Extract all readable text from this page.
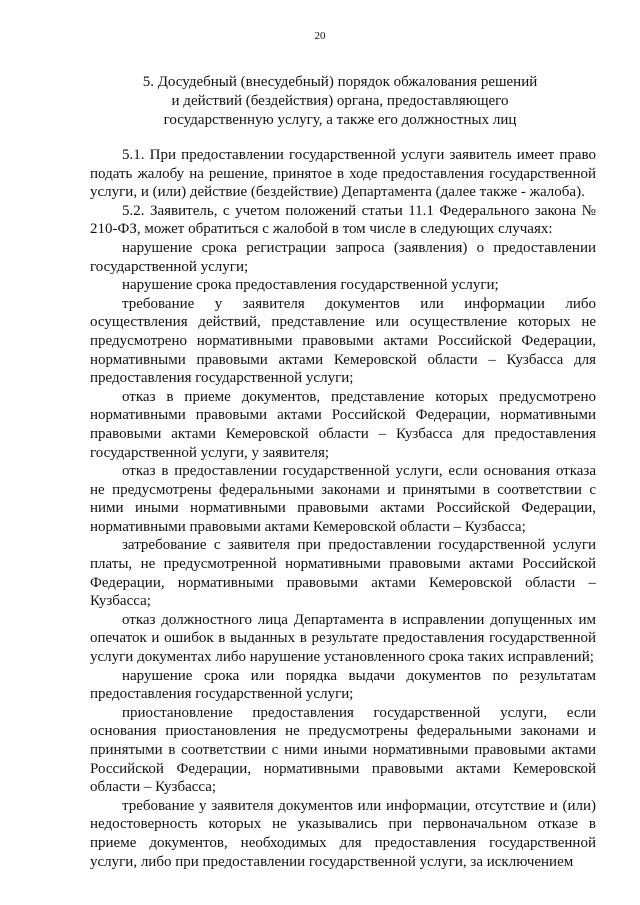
20
5. Досудебный (внесудебный) порядок обжалования решений
и действий (бездействия) органа, предоставляющего
государственную услугу, а также его должностных лиц

5.1. При предоставлении государственной услуги заявитель имеет право подать жалобу на решение, принятое в ходе предоставления государственной услуги, и (или) действие (бездействие) Департамента (далее также - жалоба).

5.2. Заявитель, с учетом положений статьи 11.1 Федерального закона № 210-ФЗ, может обратиться с жалобой в том числе в следующих случаях:

нарушение срока регистрации запроса (заявления) о предоставлении государственной услуги;

нарушение срока предоставления государственной услуги;

требование у заявителя документов или информации либо осуществления действий, представление или осуществление которых не предусмотрено нормативными правовыми актами Российской Федерации, нормативными правовыми актами Кемеровской области – Кузбасса для предоставления государственной услуги;

отказ в приеме документов, представление которых предусмотрено нормативными правовыми актами Российской Федерации, нормативными правовыми актами Кемеровской области – Кузбасса для предоставления государственной услуги, у заявителя;

отказ в предоставлении государственной услуги, если основания отказа не предусмотрены федеральными законами и принятыми в соответствии с ними иными нормативными правовыми актами Российской Федерации, нормативными правовыми актами Кемеровской области – Кузбасса;

затребование с заявителя при предоставлении государственной услуги платы, не предусмотренной нормативными правовыми актами Российской Федерации, нормативными правовыми актами Кемеровской области – Кузбасса;

отказ должностного лица Департамента в исправлении допущенных им опечаток и ошибок в выданных в результате предоставления государственной услуги документах либо нарушение установленного срока таких исправлений;

нарушение срока или порядка выдачи документов по результатам предоставления государственной услуги;

приостановление предоставления государственной услуги, если основания приостановления не предусмотрены федеральными законами и принятыми в соответствии с ними иными нормативными правовыми актами Российской Федерации, нормативными правовыми актами Кемеровской области – Кузбасса;

требование у заявителя документов или информации, отсутствие и (или) недостоверность которых не указывались при первоначальном отказе в приеме документов, необходимых для предоставления государственной услуги, либо при предоставлении государственной услуги, за исключением
